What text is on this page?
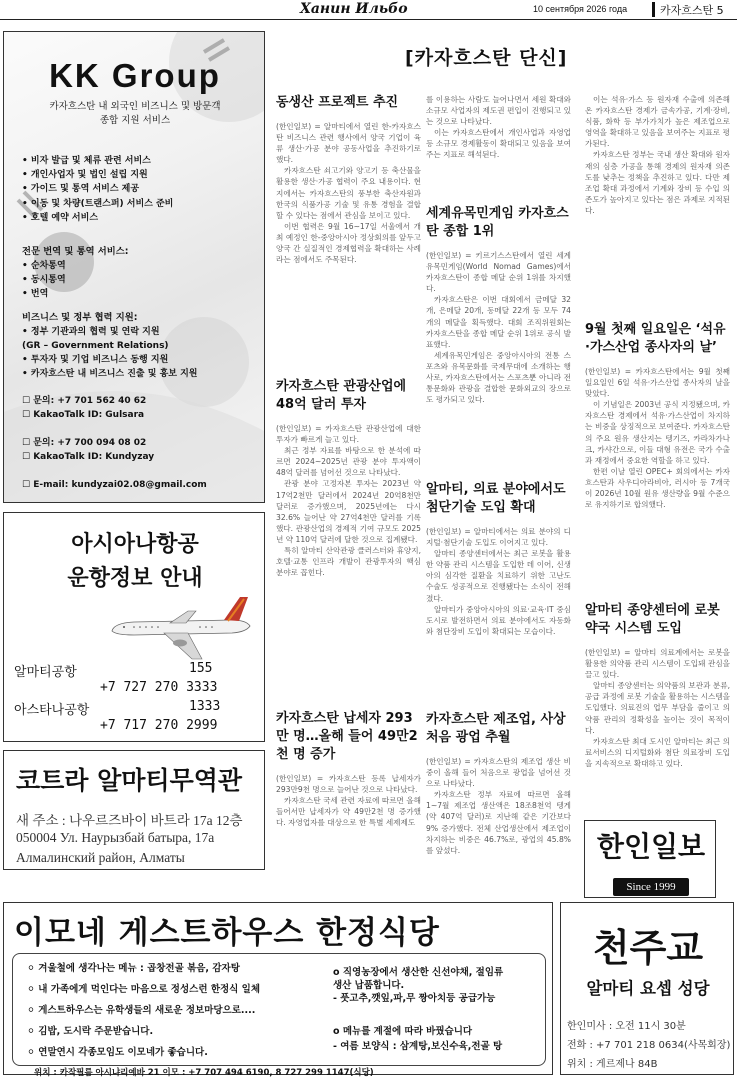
Ханин Ильбо	10 сентября 2026 года	카자흐스탄 5
KK Group
카자흐스탄 내 외국인 비즈니스 및 방문객
종합 지원 서비스
• 비자 발급 및 체류 관련 서비스
• 개인사업자 및 법인 설립 지원
• 가이드 및 통역 서비스 제공
• 이동 및 차량(트랜스퍼) 서비스 준비
• 호텔 예약 서비스
전문 번역 및 통역 서비스:
• 순차통역
• 동시통역
• 번역
비즈니스 및 정부 협력 지원:
• 정부 기관과의 협력 및 연락 지원
(GR – Government Relations)
• 투자자 및 기업 비즈니스 동행 지원
• 카자흐스탄 내 비즈니스 진출 및 홍보 지원
☐ 문의: +7 701 562 40 62
☐ KakaoTalk ID: Gulsara
☐ 문의: +7 700 094 08 02
☐ KakaoTalk ID: Kundyzay
☐ E-mail: kundyzai02.08@gmail.com
아시아나항공
운항정보 안내
알마티공항	155
+7 727 270 3333
아스타나공항	1333
+7 717 270 2999
코트라 알마티무역관
새 주소 : 나우르즈바이 바트라 17a 12층
050004 Ул. Наурызбай батыра, 17а
Алмалинский район, Алматы
[카자흐스탄 단신]
동생산 프로젝트 추진

(한인일보) = 알마티에서 열린 한-카자흐스탄 비즈니스 관련 행사에서 양국 기업이 육류 생산·가공 분야 공동사업을 추진하기로 했다.

카자흐스탄 쇠고기와 양고기 등 축산물을 활용한 생산·가공 협력이 주요 내용이다. 현지에서는 카자흐스탄의 풍부한 축산자원과 한국의 식품가공 기술 및 유통 경험을 결합할 수 있다는 점에서 관심을 보이고 있다.

이번 협력은 9월 16~17일 서울에서 개최 예정인 한-중앙아시아 정상회의를 앞두고 양국 간 실질적인 경제협력을 확대하는 사례라는 점에서도 주목된다.

카자흐스탄 관광산업에 48억 달러 투자

(한인일보) = 카자흐스탄 관광산업에 대한 투자가 빠르게 늘고 있다.

최근 정부 자료를 바탕으로 한 분석에 따르면 2024~2025년 관광 분야 투자액이 48억 달러를 넘어선 것으로 나타났다.

관광 분야 고정자본 투자는 2023년 약 17억2천만 달러에서 2024년 20억8천만 달러로 증가했으며, 2025년에는 다시 32.6% 늘어난 약 27억4천만 달러를 기록했다. 관광산업의 경제적 기여 규모도 2025년 약 110억 달러에 달한 것으로 집계됐다.

특히 알마티 산악관광 클러스터와 휴양지, 호텔·교통 인프라 개발이 관광투자의 핵심 분야로 꼽힌다.

카자흐스탄 납세자 293만 명…올해 들어 49만2천 명 증가

(한인일보) = 카자흐스탄 등록 납세자가 293만9천 명으로 늘어난 것으로 나타났다.

카자흐스탄 국세 관련 자료에 따르면 올해 들어서만 납세자가 약 49만2천 명 증가했다. 자영업자를 대상으로 한 특별 세제제도

를 이용하는 사람도 늘어나면서 세원 확대와 소규모 사업자의 제도권 편입이 진행되고 있는 것으로 나타났다.

이는 카자흐스탄에서 개인사업과 자영업 등 소규모 경제활동이 확대되고 있음을 보여주는 지표로 해석된다.

세계유목민게임 카자흐스탄 종합 1위

(한인일보) = 키르기스스탄에서 열린 세계유목민게임(World Nomad Games)에서 카자흐스탄이 종합 메달 순위 1위를 차지했다.

카자흐스탄은 이번 대회에서 금메달 32개, 은메달 20개, 동메달 22개 등 모두 74개의 메달을 획득했다. 대회 조직위원회는 카자흐스탄을 종합 메달 순위 1위로 공식 발표했다.

세계유목민게임은 중앙아시아의 전통 스포츠와 유목문화를 국제무대에 소개하는 행사로, 카자흐스탄에서는 스포츠뿐 아니라 전통문화와 관광을 결합한 문화외교의 장으로도 평가되고 있다.

알마티, 의료 분야에서도 첨단기술 도입 확대

(한인일보) = 알마티에서는 의료 분야의 디지털·첨단기술 도입도 이어지고 있다.

알마티 종양센터에서는 최근 로봇을 활용한 약품 관리 시스템을 도입한 데 이어, 신생아의 심각한 질환을 치료하기 위한 고난도 수술도 성공적으로 진행됐다는 소식이 전해졌다.

알마티가 중앙아시아의 의료·교육·IT 중심도시로 발전하면서 의료 분야에서도 자동화와 첨단장비 도입이 확대되는 모습이다.

카자흐스탄 제조업, 사상 처음 광업 추월

(한인일보) = 카자흐스탄의 제조업 생산 비중이 올해 들어 처음으로 광업을 넘어선 것으로 나타났다.

카자흐스탄 정부 자료에 따르면 올해 1~7월 제조업 생산액은 18조8천억 텡게(약 407억 달러)로 지난해 같은 기간보다 9% 증가했다. 전체 산업생산에서 제조업이 차지하는 비중은 46.7%로, 광업의 45.8%를 앞섰다.

이는 석유·가스 등 원자재 수출에 의존해온 카자흐스탄 경제가 금속가공, 기계·장비, 식품, 화학 등 부가가치가 높은 제조업으로 영역을 확대하고 있음을 보여주는 지표로 평가된다.

카자흐스탄 정부는 국내 생산 확대와 원자재의 심층 가공을 통해 경제의 원자재 의존도를 낮추는 정책을 추진하고 있다. 다만 제조업 확대 과정에서 기계와 장비 등 수입 의존도가 높아지고 있다는 점은 과제로 지적된다.

9월 첫째 일요일은 ‘석유·가스산업 종사자의 날’

(한인일보) = 카자흐스탄에서는 9월 첫째 일요일인 6일 석유·가스산업 종사자의 날을 맞았다.

이 기념일은 2003년 공식 지정됐으며, 카자흐스탄 경제에서 석유·가스산업이 차지하는 비중을 상징적으로 보여준다. 카자흐스탄의 주요 원유 생산지는 텡기즈, 카라차가나크, 카샤간으로, 이들 대형 유전은 국가 수출과 재정에서 중요한 역할을 하고 있다.

한편 이날 열린 OPEC+ 회의에서는 카자흐스탄과 사우디아라비아, 러시아 등 7개국이 2026년 10월 원유 생산량을 9월 수준으로 유지하기로 합의했다.

알마티 종양센터에 로봇 약국 시스템 도입

(한인일보) = 알마티 의료계에서는 로봇을 활용한 의약품 관리 시스템이 도입돼 관심을 끌고 있다.

알마티 종양센터는 의약품의 보관과 분류, 공급 과정에 로봇 기술을 활용하는 시스템을 도입했다. 의료진의 업무 부담을 줄이고 의약품 관리의 정확성을 높이는 것이 목적이다.

카자흐스탄 최대 도시인 알마티는 최근 의료서비스의 디지털화와 첨단 의료장비 도입을 지속적으로 확대하고 있다.

한인일보
Since 1999
이모네 게스트하우스 한정식당
⚪ 겨울철에 생각나는 메뉴 : 곱창전골 볶음, 감자탕
⚪ 내 가족에게 먹인다는 마음으로 정성스런 한정식 일체
⚪ 게스트하우스는 유학생들의 새로운 정보마당으로....
⚪ 김밥, 도시락 주문받습니다.
⚪ 연말연시 각종모임도 이모네가 좋습니다.
o 직영농장에서 생산한 신선야채, 절임류
생산 납품합니다.
- 풋고추,깻잎,파,무 짱아치등 공급가능
o 메뉴를 계절에 따라 바꿨습니다
- 여름 보양식 : 삼계탕,보신수육,전골 탕
위치 : 카작필름 아시냐리예바 21 이모 : +7 707 494 6190, 8 727 299 1147(식당)
천주교
알마티 요셉 성당
한인미사 : 오전 11시 30분
전화 : +7 701 218 0634(사목회장)
위치 : 게르제나 84B
